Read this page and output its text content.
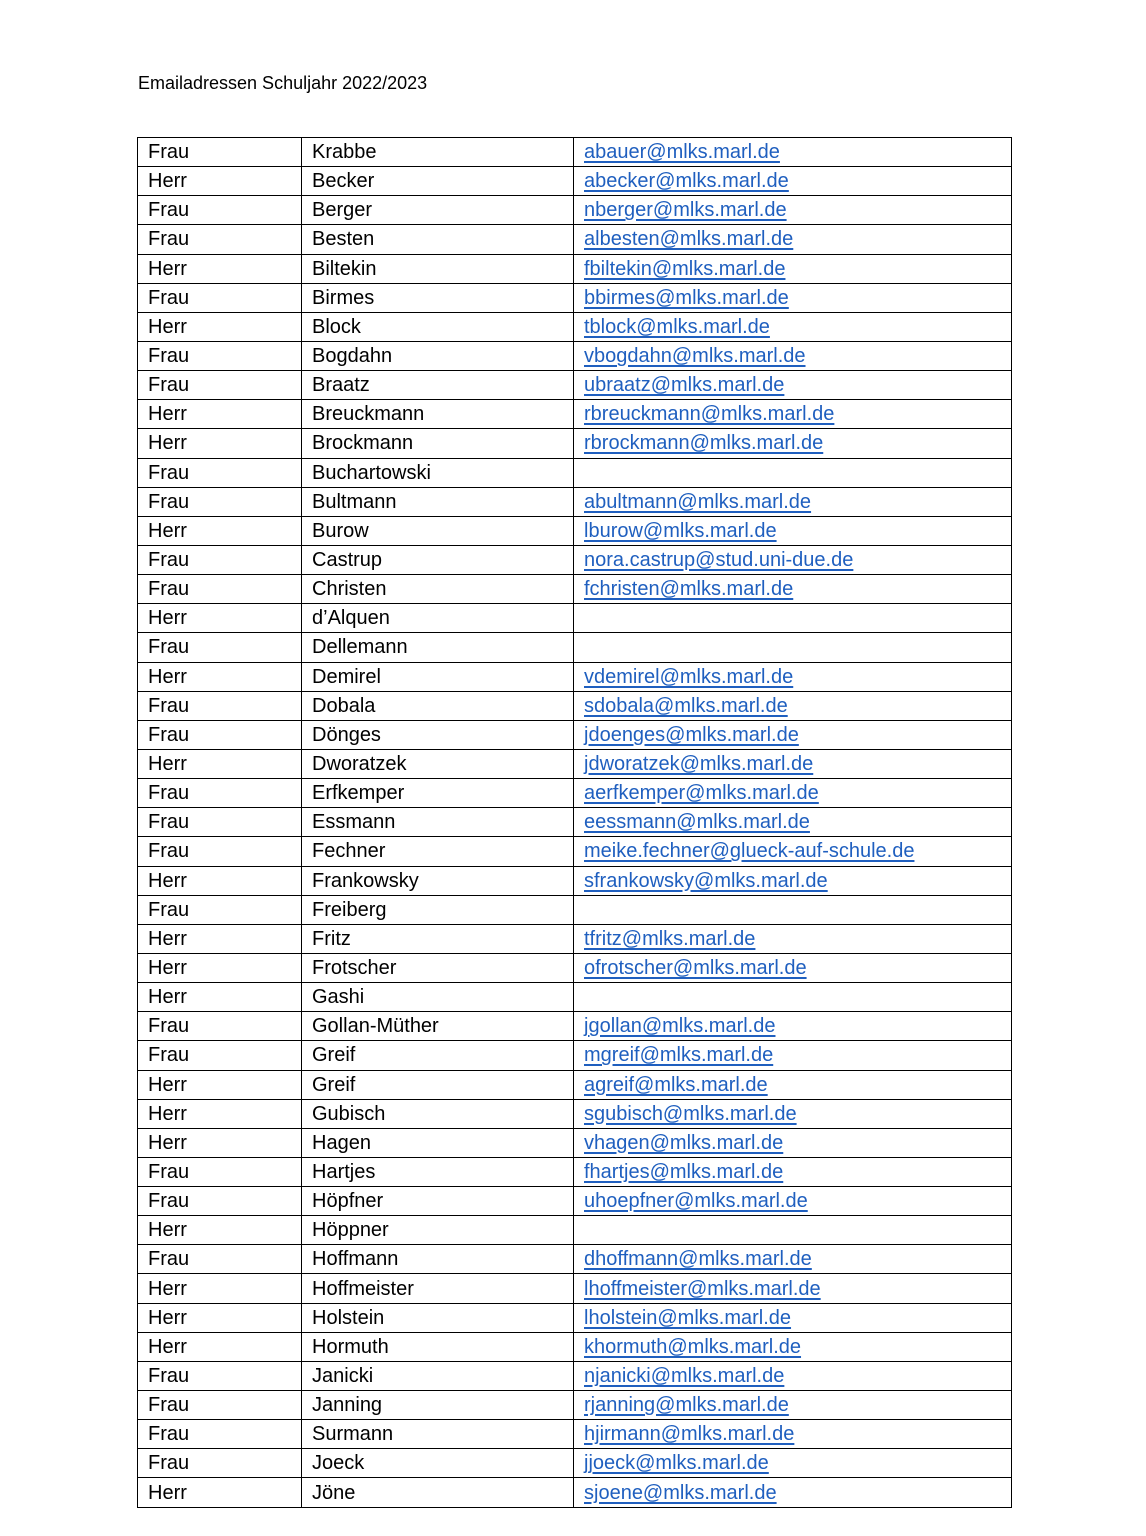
Emailadressen Schuljahr 2022/2023
Frau	Krabbe	abauer@mlks.marl.de
Herr	Becker	abecker@mlks.marl.de
Frau	Berger	nberger@mlks.marl.de
Frau	Besten	albesten@mlks.marl.de
Herr	Biltekin	fbiltekin@mlks.marl.de
Frau	Birmes	bbirmes@mlks.marl.de
Herr	Block	tblock@mlks.marl.de
Frau	Bogdahn	vbogdahn@mlks.marl.de
Frau	Braatz	ubraatz@mlks.marl.de
Herr	Breuckmann	rbreuckmann@mlks.marl.de
Herr	Brockmann	rbrockmann@mlks.marl.de
Frau	Buchartowski	
Frau	Bultmann	abultmann@mlks.marl.de
Herr	Burow	lburow@mlks.marl.de
Frau	Castrup	nora.castrup@stud.uni-due.de
Frau	Christen	fchristen@mlks.marl.de
Herr	d’Alquen	
Frau	Dellemann	
Herr	Demirel	vdemirel@mlks.marl.de
Frau	Dobala	sdobala@mlks.marl.de
Frau	Dönges	jdoenges@mlks.marl.de
Herr	Dworatzek	jdworatzek@mlks.marl.de
Frau	Erfkemper	aerfkemper@mlks.marl.de
Frau	Essmann	eessmann@mlks.marl.de
Frau	Fechner	meike.fechner@glueck-auf-schule.de
Herr	Frankowsky	sfrankowsky@mlks.marl.de
Frau	Freiberg	
Herr	Fritz	tfritz@mlks.marl.de
Herr	Frotscher	ofrotscher@mlks.marl.de
Herr	Gashi	
Frau	Gollan-Müther	jgollan@mlks.marl.de
Frau	Greif	mgreif@mlks.marl.de
Herr	Greif	agreif@mlks.marl.de
Herr	Gubisch	sgubisch@mlks.marl.de
Herr	Hagen	vhagen@mlks.marl.de
Frau	Hartjes	fhartjes@mlks.marl.de
Frau	Höpfner	uhoepfner@mlks.marl.de
Herr	Höppner	
Frau	Hoffmann	dhoffmann@mlks.marl.de
Herr	Hoffmeister	lhoffmeister@mlks.marl.de
Herr	Holstein	lholstein@mlks.marl.de
Herr	Hormuth	khormuth@mlks.marl.de
Frau	Janicki	njanicki@mlks.marl.de
Frau	Janning	rjanning@mlks.marl.de
Frau	Surmann	hjirmann@mlks.marl.de
Frau	Joeck	jjoeck@mlks.marl.de
Herr	Jöne	sjoene@mlks.marl.de
